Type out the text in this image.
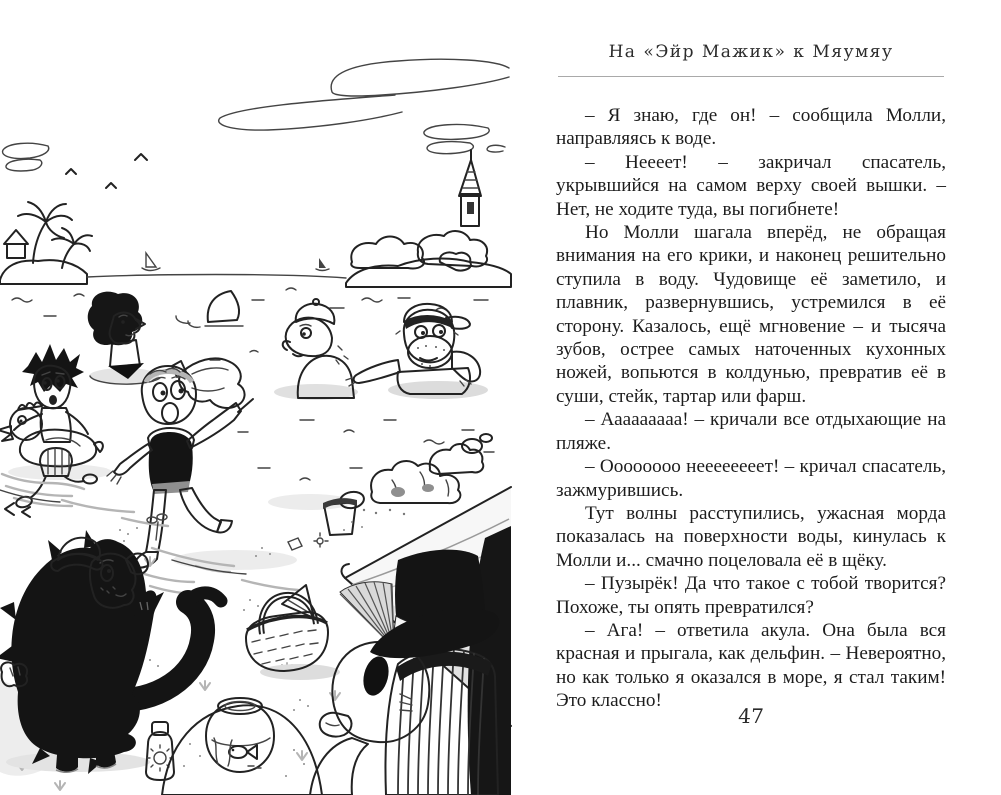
На «Эйр Мажик» к Мяумяу

– Я знаю, где он! – сообщила Молли, направляясь к воде.

– Неееет! – закричал спасатель, укрывшийся на самом верху своей вышки. – Нет, не ходите туда, вы погибнете!

Но Молли шагала вперёд, не обращая внимания на его крики, и наконец решительно ступила в воду. Чудовище её заметило, и плавник, развернувшись, устремился в её сторону. Казалось, ещё мгновение – и тысяча зубов, острее самых наточенных кухонных ножей, вопьются в колдунью, превратив её в суши, стейк, тартар или фарш.

– Ааааааааа! – кричали все отдыхающие на пляже.

– Оооооооо неееееееет! – кричал спасатель, зажмурившись.

Тут волны расступились, ужасная морда показалась на поверхности воды, кинулась к Молли и... смачно поцеловала её в щёку.

– Пузырёк! Да что такое с тобой творится? Похоже, ты опять превратился?

– Ага! – ответила акула. Она была вся красная и прыгала, как дельфин. – Невероятно, но как только я оказался в море, я стал таким! Это классно!

47
